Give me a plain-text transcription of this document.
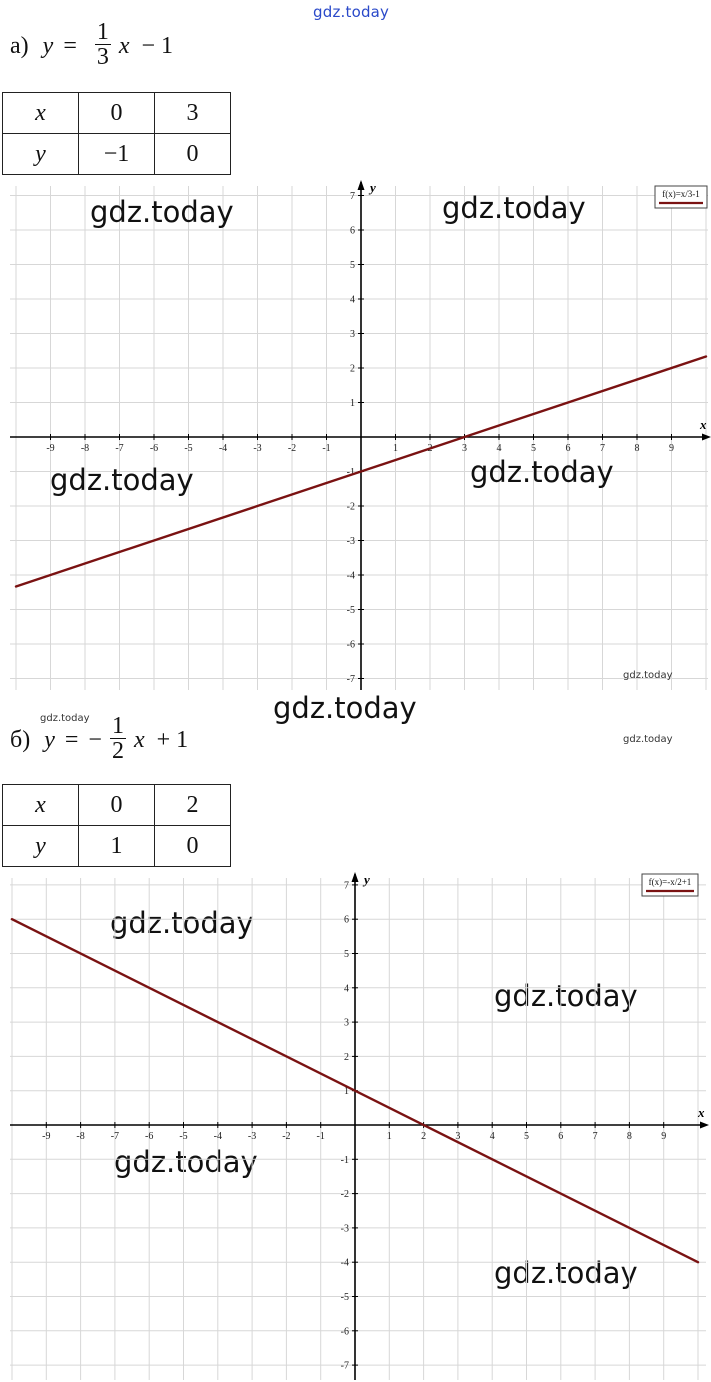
gdz.today
а) $y = \frac{1}{3}$ x − 1
x	0	3
y	−1	0
x
y
-9	-8	-7	-6	-5	-4	-3	-2	-1	1	2	3	4	5	6	7	8	9
7
6
5
4
3
2
1
-1
-2
-3
-4
-5
-6
-7
f(x)=x/3-1
gdz.today	gdz.today
gdz.today	gdz.today
gdz.today
gdz.today
gdz.today
gdz.today
gdz.today
gdz.today
gdz.today
gdz.today
б) y = − $\frac{1}{2}$ x + 1
x	0	2
y	1	0
x
y
-9	-8	-7	-6	-5	-4	-3	-2	-1	1	2	3	4	5	6	7	8	9
7
6
5
4
3
2
1
-1
-2
-3
-4
-5
-6
-7
f(x)=-x/2+1
